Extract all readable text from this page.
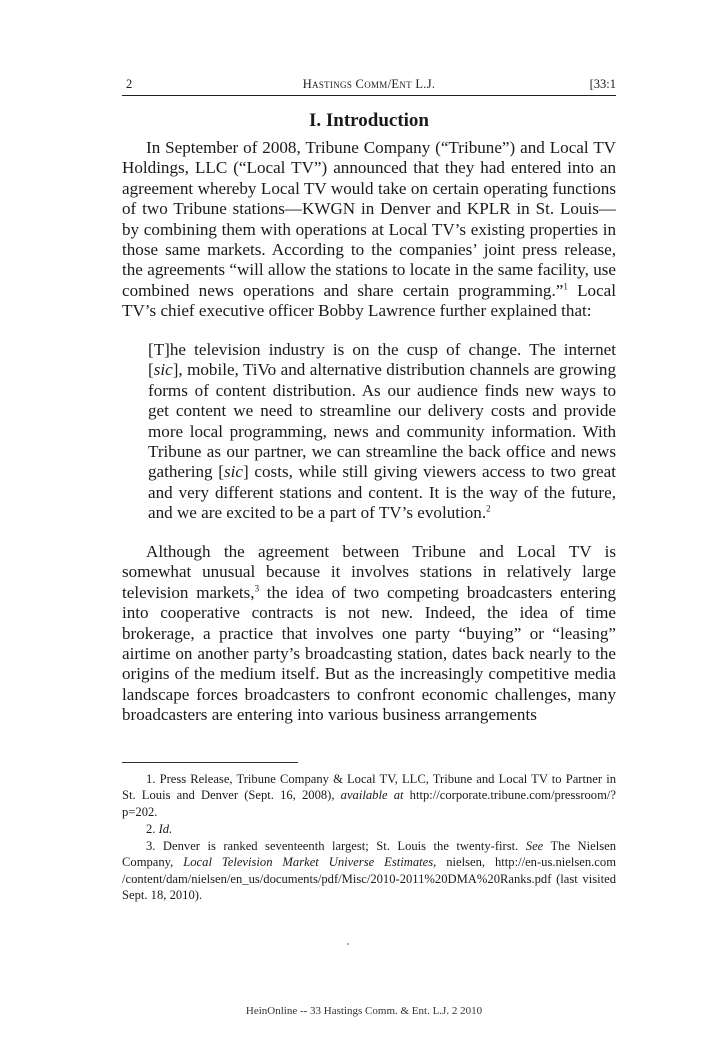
2	Hastings Comm/Ent L.J.	[33:1
I. Introduction

In September of 2008, Tribune Company (“Tribune”) and Local TV Holdings, LLC (“Local TV”) announced that they had entered into an agreement whereby Local TV would take on certain operating functions of two Tribune stations—KWGN in Denver and KPLR in St. Louis—by combining them with operations at Local TV’s existing properties in those same markets. According to the companies’ joint press release, the agreements “will allow the stations to locate in the same facility, use combined news operations and share certain programming.”$^1$ Local TV’s chief executive officer Bobby Lawrence further explained that:

[T]he television industry is on the cusp of change. The internet [sic], mobile, TiVo and alternative distribution channels are growing forms of content distribution. As our audience finds new ways to get content we need to streamline our delivery costs and provide more local programming, news and community information. With Tribune as our partner, we can streamline the back office and news gathering [sic] costs, while still giving viewers access to two great and very different stations and content. It is the way of the future, and we are excited to be a part of TV’s evolution.$^2$

Although the agreement between Tribune and Local TV is somewhat unusual because it involves stations in relatively large television markets,$^3$ the idea of two competing broadcasters entering into cooperative contracts is not new. Indeed, the idea of time brokerage, a practice that involves one party “buying” or “leasing” airtime on another party’s broadcasting station, dates back nearly to the origins of the medium itself. But as the increasingly competitive media landscape forces broadcasters to confront economic challenges, many broadcasters are entering into various business arrangements

1. Press Release, Tribune Company & Local TV, LLC, Tribune and Local TV to Partner in St. Louis and Denver (Sept. 16, 2008), available at http://corporate.tribune.com/pressroom/?p=202.

2. Id.

3. Denver is ranked seventeenth largest; St. Louis the twenty-first. See The Nielsen Company, Local Television Market Universe Estimates, nielsen, http://en-us.nielsen.com /content/dam/nielsen/en_us/documents/pdf/Misc/2010-2011%20DMA%20Ranks.pdf (last visited Sept. 18, 2010).

HeinOnline -- 33 Hastings Comm. & Ent. L.J. 2 2010
